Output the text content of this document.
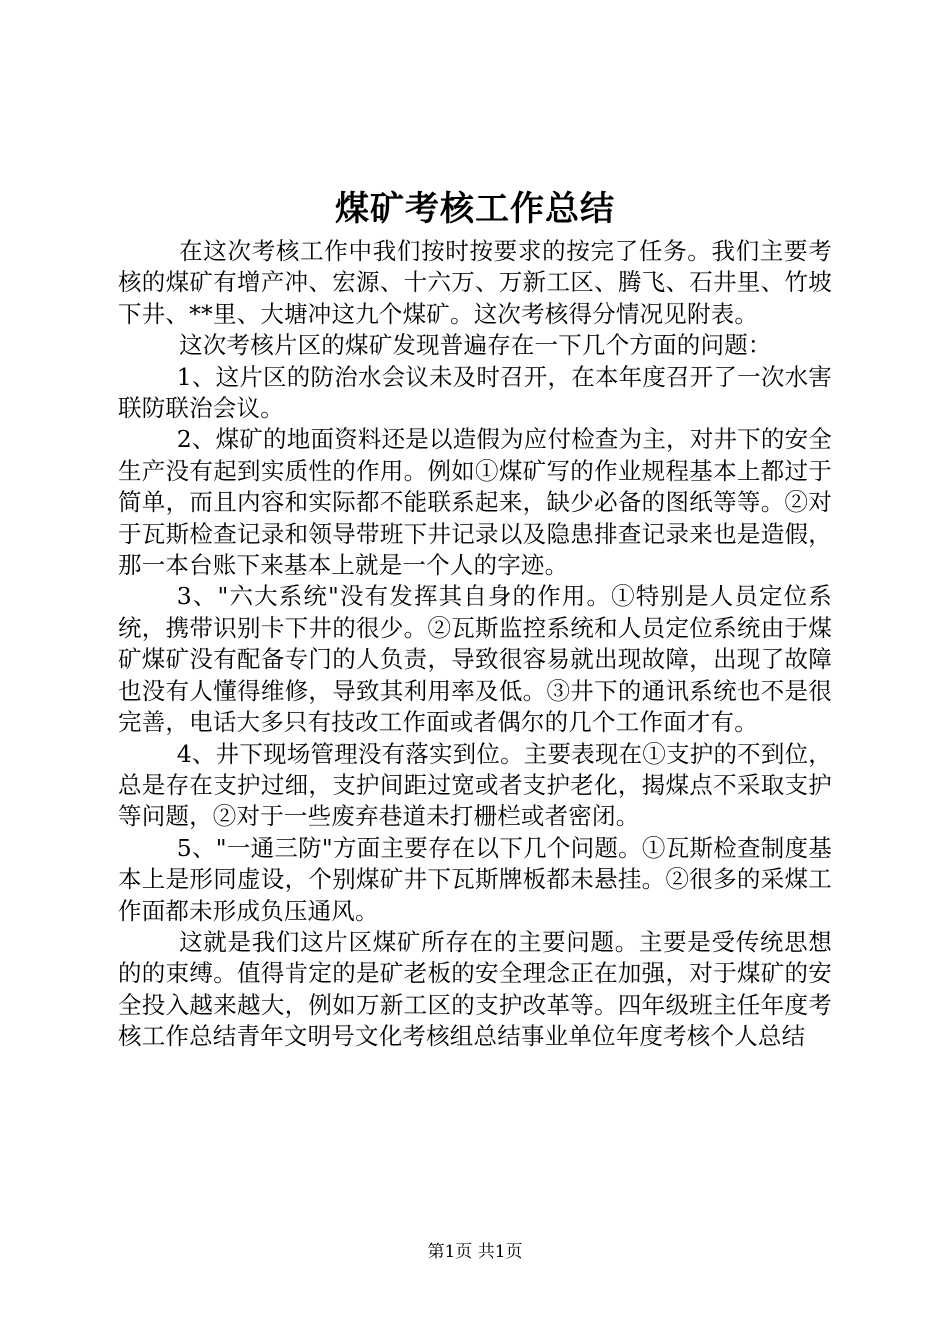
煤矿考核工作总结

在这次考核工作中我们按时按要求的按完了任务。我们主要考核的煤矿有增产冲、宏源、十六万、万新工区、腾飞、石井里、竹坡下井、**里、大塘冲这九个煤矿。这次考核得分情况见附表。

这次考核片区的煤矿发现普遍存在一下几个方面的问题：

1、这片区的防治水会议未及时召开，在本年度召开了一次水害联防联治会议。

2、煤矿的地面资料还是以造假为应付检查为主，对井下的安全生产没有起到实质性的作用。例如①煤矿写的作业规程基本上都过于简单，而且内容和实际都不能联系起来，缺少必备的图纸等等。②对于瓦斯检查记录和领导带班下井记录以及隐患排查记录来也是造假，那一本台账下来基本上就是一个人的字迹。

3、"六大系统"没有发挥其自身的作用。①特别是人员定位系统，携带识别卡下井的很少。②瓦斯监控系统和人员定位系统由于煤矿煤矿没有配备专门的人负责，导致很容易就出现故障，出现了故障也没有人懂得维修，导致其利用率及低。③井下的通讯系统也不是很完善，电话大多只有技改工作面或者偶尔的几个工作面才有。

4、井下现场管理没有落实到位。主要表现在①支护的不到位，总是存在支护过细，支护间距过宽或者支护老化，揭煤点不采取支护等问题，②对于一些废弃巷道未打栅栏或者密闭。

5、"一通三防"方面主要存在以下几个问题。①瓦斯检查制度基本上是形同虚设，个别煤矿井下瓦斯牌板都未悬挂。②很多的采煤工作面都未形成负压通风。

这就是我们这片区煤矿所存在的主要问题。主要是受传统思想的的束缚。值得肯定的是矿老板的安全理念正在加强，对于煤矿的安全投入越来越大，例如万新工区的支护改革等。四年级班主任年度考核工作总结青年文明号文化考核组总结事业单位年度考核个人总结

第1页 共1页
